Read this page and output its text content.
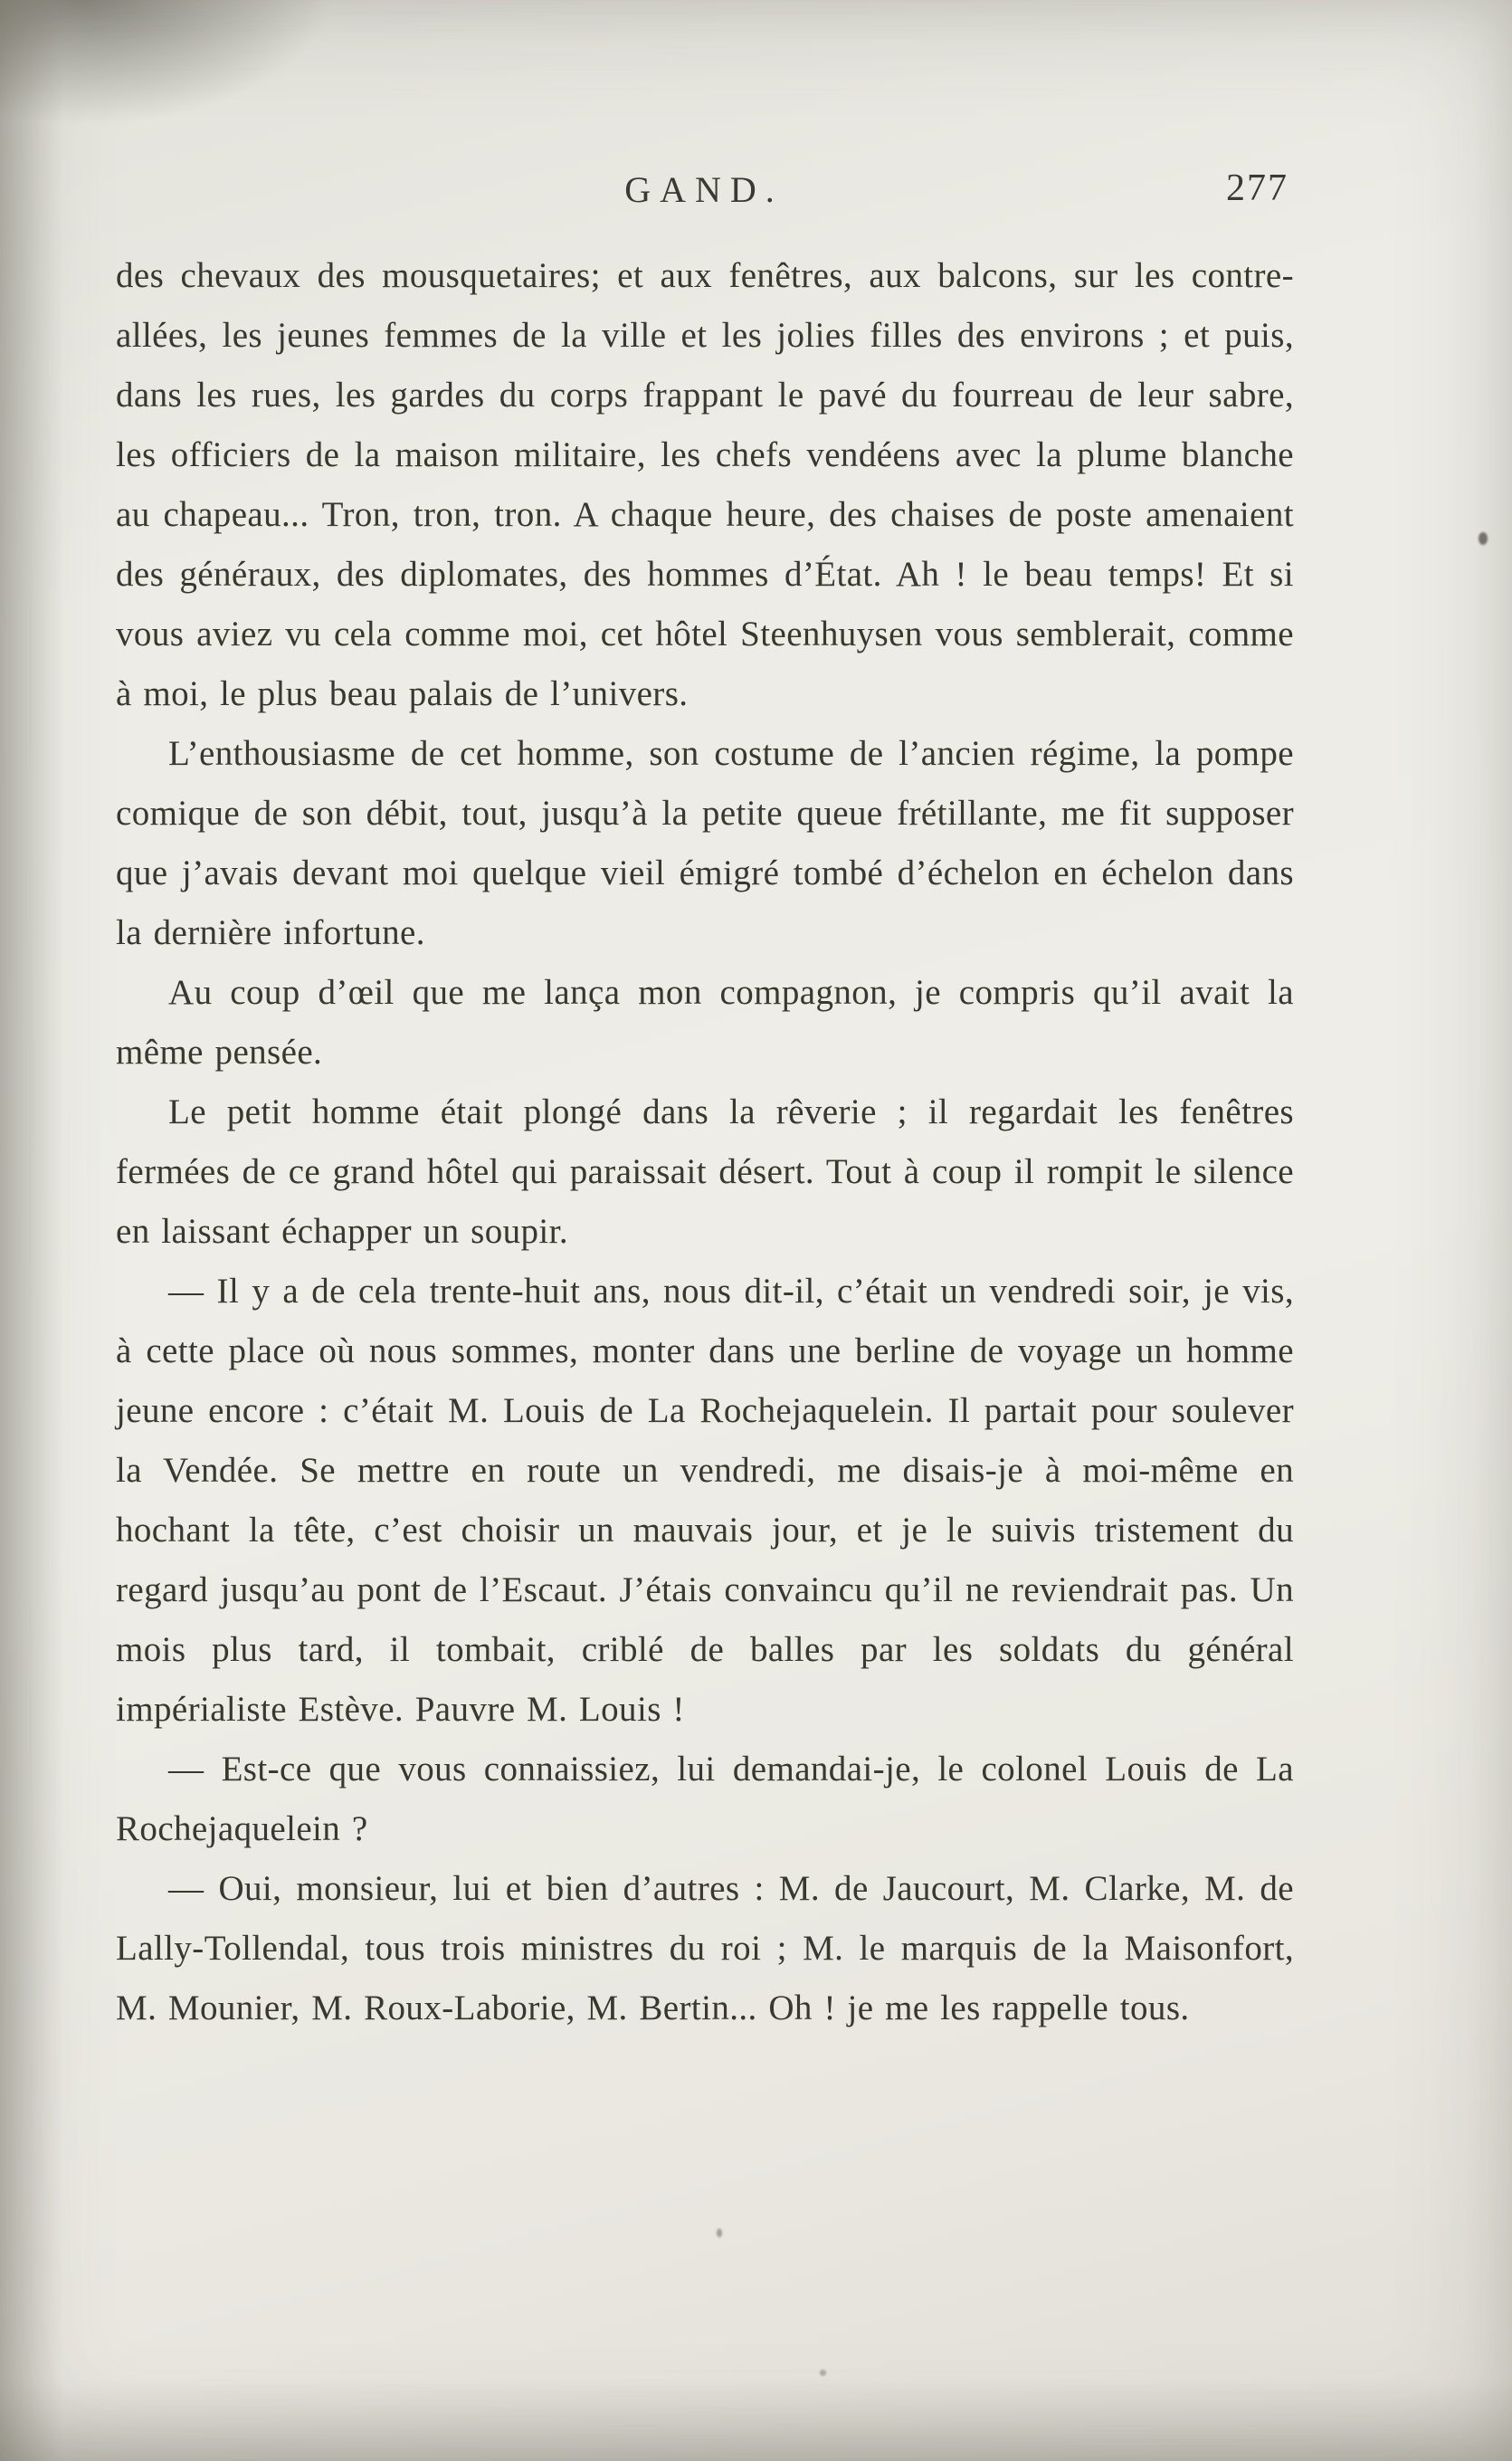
GAND.	277

des chevaux des mousquetaires; et aux fenêtres, aux balcons, sur les contre-allées, les jeunes femmes de la ville et les jolies filles des environs ; et puis, dans les rues, les gardes du corps frappant le pavé du fourreau de leur sabre, les officiers de la maison militaire, les chefs vendéens avec la plume blanche au chapeau... Tron, tron, tron. A chaque heure, des chaises de poste amenaient des généraux, des diplomates, des hommes d’État. Ah ! le beau temps! Et si vous aviez vu cela comme moi, cet hôtel Steenhuysen vous semblerait, comme à moi, le plus beau palais de l’univers.

L’enthousiasme de cet homme, son costume de l’ancien régime, la pompe comique de son débit, tout, jusqu’à la petite queue frétillante, me fit supposer que j’avais devant moi quelque vieil émigré tombé d’échelon en échelon dans la dernière infortune.

Au coup d’œil que me lança mon compagnon, je compris qu’il avait la même pensée.

Le petit homme était plongé dans la rêverie ; il regardait les fenêtres fermées de ce grand hôtel qui paraissait désert. Tout à coup il rompit le silence en laissant échapper un soupir.

— Il y a de cela trente-huit ans, nous dit-il, c’était un vendredi soir, je vis, à cette place où nous sommes, monter dans une berline de voyage un homme jeune encore : c’était M. Louis de La Rochejaquelein. Il partait pour soulever la Vendée. Se mettre en route un vendredi, me disais-je à moi-même en hochant la tête, c’est choisir un mauvais jour, et je le suivis tristement du regard jusqu’au pont de l’Escaut. J’étais convaincu qu’il ne reviendrait pas. Un mois plus tard, il tombait, criblé de balles par les soldats du général impérialiste Estève. Pauvre M. Louis !

— Est-ce que vous connaissiez, lui demandai-je, le colonel Louis de La Rochejaquelein ?

— Oui, monsieur, lui et bien d’autres : M. de Jaucourt, M. Clarke, M. de Lally-Tollendal, tous trois ministres du roi ; M. le marquis de la Maisonfort, M. Mounier, M. Roux-Laborie, M. Bertin... Oh ! je me les rappelle tous.
